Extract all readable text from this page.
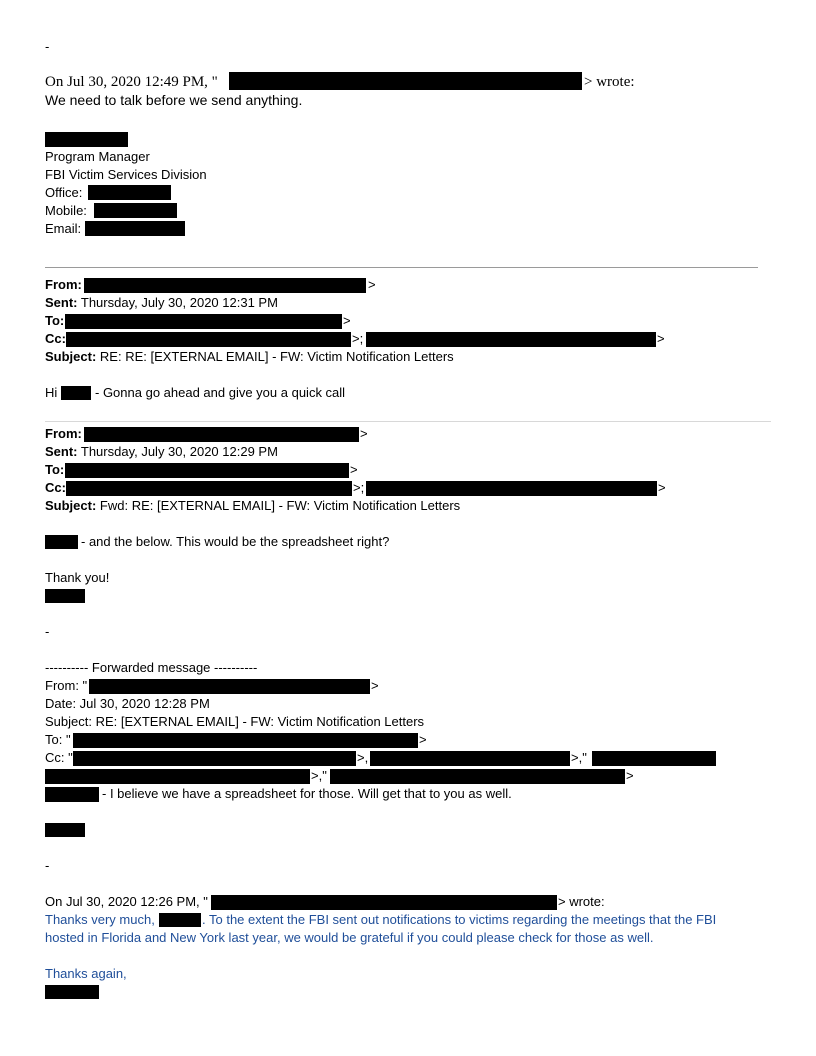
-
On Jul 30, 2020 12:49 PM, "	> wrote:
We need to talk before we send anything.
Program Manager
FBI Victim Services Division
Office:
Mobile:
Email:
From:	>
Sent: Thursday, July 30, 2020 12:31 PM
To:	>
Cc:	>;	>
Subject: RE: RE: [EXTERNAL EMAIL] - FW: Victim Notification Letters
Hi	- Gonna go ahead and give you a quick call
From:	>
Sent: Thursday, July 30, 2020 12:29 PM
To:	>
Cc:	>;	>
Subject: Fwd: RE: [EXTERNAL EMAIL] - FW: Victim Notification Letters
- and the below. This would be the spreadsheet right?
Thank you!
-
---------- Forwarded message ----------
From: "	>
Date: Jul 30, 2020 12:28 PM
Subject: RE: [EXTERNAL EMAIL] - FW: Victim Notification Letters
To: "	>
Cc: "	>,	>,"
>,"	>
- I believe we have a spreadsheet for those. Will get that to you as well.
-
On Jul 30, 2020 12:26 PM, "	> wrote:
Thanks very much,	. To the extent the FBI sent out notifications to victims regarding the meetings that the FBI
hosted in Florida and New York last year, we would be grateful if you could please check for those as well.
Thanks again,
